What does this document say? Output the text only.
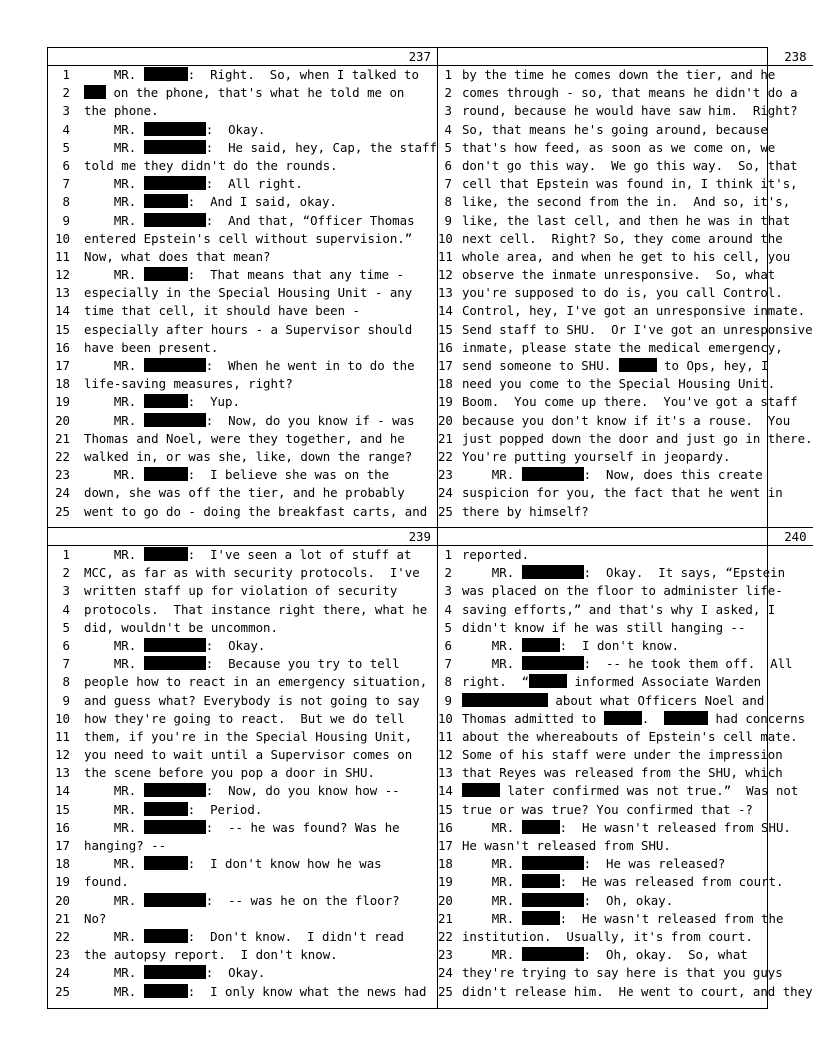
237
1 MR.	:  Right.  So, when I talked to
2	on the phone, that's what he told me on
3 the phone.
4 MR.	:  Okay.
5 MR.	:  He said, hey, Cap, the staff
6 told me they didn't do the rounds.
7 MR.	:  All right.
8 MR.	:  And I said, okay.
9 MR.	:  And that, “Officer Thomas
10 entered Epstein's cell without supervision.”
11 Now, what does that mean?
12 MR.	:  That means that any time -
13 especially in the Special Housing Unit - any
14 time that cell, it should have been -
15 especially after hours - a Supervisor should
16 have been present.
17 MR.	:  When he went in to do the
18 life-saving measures, right?
19 MR.	:  Yup.
20 MR.	:  Now, do you know if - was
21 Thomas and Noel, were they together, and he
22 walked in, or was she, like, down the range?
23 MR.	:  I believe she was on the
24 down, she was off the tier, and he probably
25 went to go do - doing the breakfast carts, and
238
1 by the time he comes down the tier, and he
2 comes through - so, that means he didn't do a
3 round, because he would have saw him.  Right?
4 So, that means he's going around, because
5 that's how feed, as soon as we come on, we
6 don't go this way.  We go this way.  So, that
7 cell that Epstein was found in, I think it's,
8 like, the second from the in.  And so, it's,
9 like, the last cell, and then he was in that
10 next cell.  Right? So, they come around the
11 whole area, and when he get to his cell, you
12 observe the inmate unresponsive.  So, what
13 you're supposed to do is, you call Control.
14 Control, hey, I've got an unresponsive inmate.
15 Send staff to SHU.  Or I've got an unresponsive
16 inmate, please state the medical emergency,
17 send someone to SHU.	to Ops, hey, I
18 need you come to the Special Housing Unit.
19 Boom.  You come up there.  You've got a staff
20 because you don't know if it's a rouse.  You
21 just popped down the door and just go in there.
22 You're putting yourself in jeopardy.
23 MR.	:  Now, does this create
24 suspicion for you, the fact that he went in
25 there by himself?
239
1 MR.	:  I've seen a lot of stuff at
2 MCC, as far as with security protocols.  I've
3 written staff up for violation of security
4 protocols.  That instance right there, what he
5 did, wouldn't be uncommon.
6 MR.	:  Okay.
7 MR.	:  Because you try to tell
8 people how to react in an emergency situation,
9 and guess what? Everybody is not going to say
10 how they're going to react.  But we do tell
11 them, if you're in the Special Housing Unit,
12 you need to wait until a Supervisor comes on
13 the scene before you pop a door in SHU.
14 MR.	:  Now, do you know how --
15 MR.	:  Period.
16 MR.	:  -- he was found? Was he
17 hanging? --
18 MR.	:  I don't know how he was
19 found.
20 MR.	:  -- was he on the floor?
21 No?
22 MR.	:  Don't know.  I didn't read
23 the autopsy report.  I don't know.
24 MR.	:  Okay.
25 MR.	:  I only know what the news had
240
1 reported.
2 MR.	:  Okay.  It says, “Epstein
3 was placed on the floor to administer life-
4 saving efforts,” and that's why I asked, I
5 didn't know if he was still hanging --
6 MR.	:  I don't know.
7 MR.	:  -- he took them off.  All
8 right.  “	informed Associate Warden
9	about what Officers Noel and
10 Thomas admitted to	.	had concerns
11 about the whereabouts of Epstein's cell mate.
12 Some of his staff were under the impression
13 that Reyes was released from the SHU, which
14	later confirmed was not true.”  Was not
15 true or was true? You confirmed that -?
16 MR.	:  He wasn't released from SHU.
17 He wasn't released from SHU.
18 MR.	:  He was released?
19 MR.	:  He was released from court.
20 MR.	:  Oh, okay.
21 MR.	:  He wasn't released from the
22 institution.  Usually, it's from court.
23 MR.	:  Oh, okay.  So, what
24 they're trying to say here is that you guys
25 didn't release him.  He went to court, and they
